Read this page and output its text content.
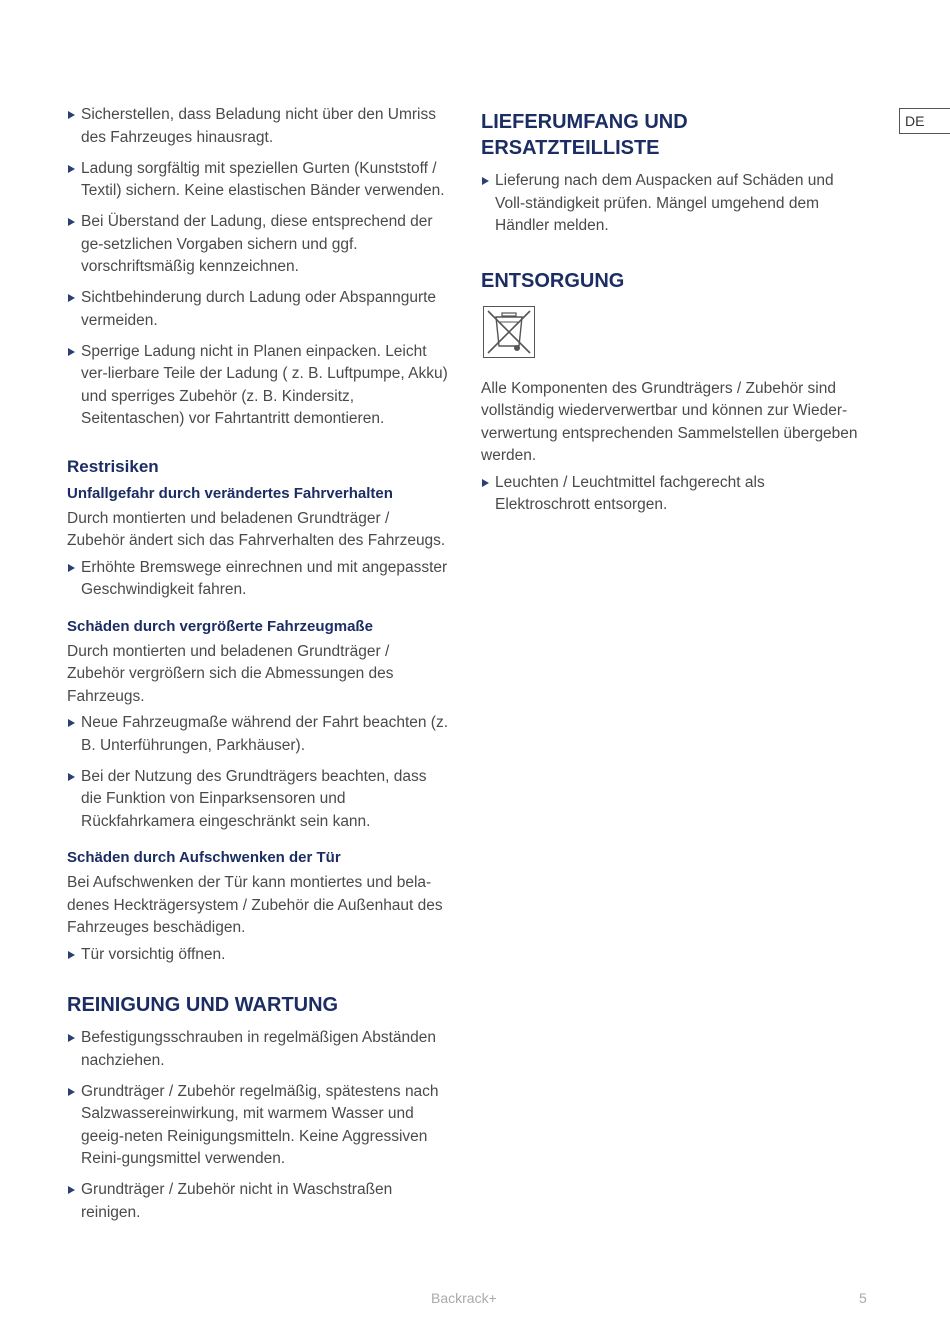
DE

Sicherstellen, dass Beladung nicht über den Umriss des Fahrzeuges hinausragt.

Ladung sorgfältig mit speziellen Gurten (Kunststoff / Textil) sichern. Keine elastischen Bänder verwenden.

Bei Überstand der Ladung, diese entsprechend der ge-setzlichen Vorgaben sichern und ggf. vorschriftsmäßig kennzeichnen.

Sichtbehinderung durch Ladung oder Abspanngurte vermeiden.

Sperrige Ladung nicht in Planen einpacken. Leicht ver-lierbare Teile der Ladung ( z. B. Luftpumpe, Akku) und sperriges Zubehör (z. B. Kindersitz, Seitentaschen) vor Fahrtantritt demontieren.

Restrisiken
Unfallgefahr durch verändertes Fahrverhalten

Durch montierten und beladenen Grundträger / Zubehör ändert sich das Fahrverhalten des Fahrzeugs.

Erhöhte Bremswege einrechnen und mit angepasster Geschwindigkeit fahren.

Schäden durch vergrößerte Fahrzeugmaße

Durch montierten und beladenen Grundträger / Zubehör vergrößern sich die Abmessungen des Fahrzeugs.

Neue Fahrzeugmaße während der Fahrt beachten (z. B. Unterführungen, Parkhäuser).

Bei der Nutzung des Grundträgers beachten, dass die Funktion von Einparksensoren und Rückfahrkamera eingeschränkt sein kann.

Schäden durch Aufschwenken der Tür

Bei Aufschwenken der Tür kann montiertes und bela-denes Heckträgersystem / Zubehör die Außenhaut des Fahrzeuges beschädigen.

Tür vorsichtig öffnen.

REINIGUNG UND WARTUNG

Befestigungsschrauben in regelmäßigen Abständen nachziehen.

Grundträger / Zubehör regelmäßig, spätestens nach Salzwassereinwirkung, mit warmem Wasser und geeig-neten Reinigungsmitteln. Keine Aggressiven Reini-gungsmittel verwenden.

Grundträger / Zubehör nicht in Waschstraßen reinigen.

LIEFERUMFANG UND ERSATZTEILLISTE

Lieferung nach dem Auspacken auf Schäden und Voll-ständigkeit prüfen. Mängel umgehend dem Händler melden.

ENTSORGUNG

Alle Komponenten des Grundträgers / Zubehör sind vollständig wiederverwertbar und können zur Wieder-verwertung entsprechenden Sammelstellen übergeben werden.

Leuchten / Leuchtmittel fachgerecht als Elektroschrott entsorgen.

Backrack+	5
